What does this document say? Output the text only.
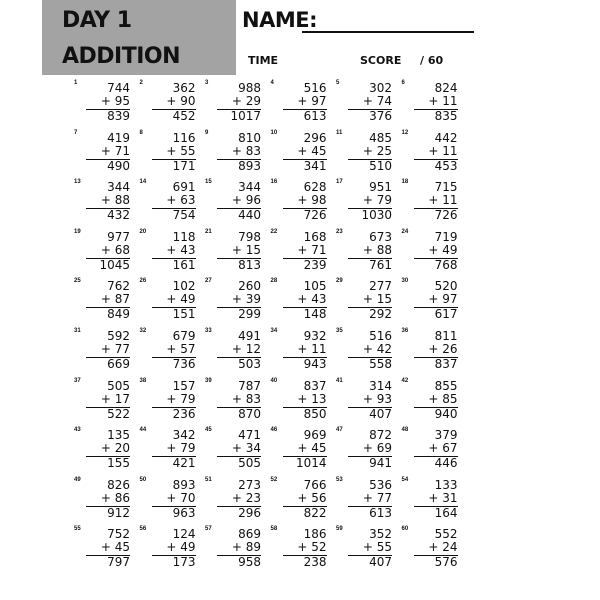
DAY 1
ADDITION
NAME:
TIME	SCORE / 60
1	744
+ 95
839
2	362
+ 90
452
3	988
+ 29
1017
4	516
+ 97
613
5	302
+ 74
376
6	824
+ 11
835
7	419
+ 71
490
8	116
+ 55
171
9	810
+ 83
893
10	296
+ 45
341
11	485
+ 25
510
12	442
+ 11
453
13	344
+ 88
432
14	691
+ 63
754
15	344
+ 96
440
16	628
+ 98
726
17	951
+ 79
1030
18	715
+ 11
726
19	977
+ 68
1045
20	118
+ 43
161
21	798
+ 15
813
22	168
+ 71
239
23	673
+ 88
761
24	719
+ 49
768
25	762
+ 87
849
26	102
+ 49
151
27	260
+ 39
299
28	105
+ 43
148
29	277
+ 15
292
30	520
+ 97
617
31	592
+ 77
669
32	679
+ 57
736
33	491
+ 12
503
34	932
+ 11
943
35	516
+ 42
558
36	811
+ 26
837
37	505
+ 17
522
38	157
+ 79
236
39	787
+ 83
870
40	837
+ 13
850
41	314
+ 93
407
42	855
+ 85
940
43	135
+ 20
155
44	342
+ 79
421
45	471
+ 34
505
46	969
+ 45
1014
47	872
+ 69
941
48	379
+ 67
446
49	826
+ 86
912
50	893
+ 70
963
51	273
+ 23
296
52	766
+ 56
822
53	536
+ 77
613
54	133
+ 31
164
55	752
+ 45
797
56	124
+ 49
173
57	869
+ 89
958
58	186
+ 52
238
59	352
+ 55
407
60	552
+ 24
576
